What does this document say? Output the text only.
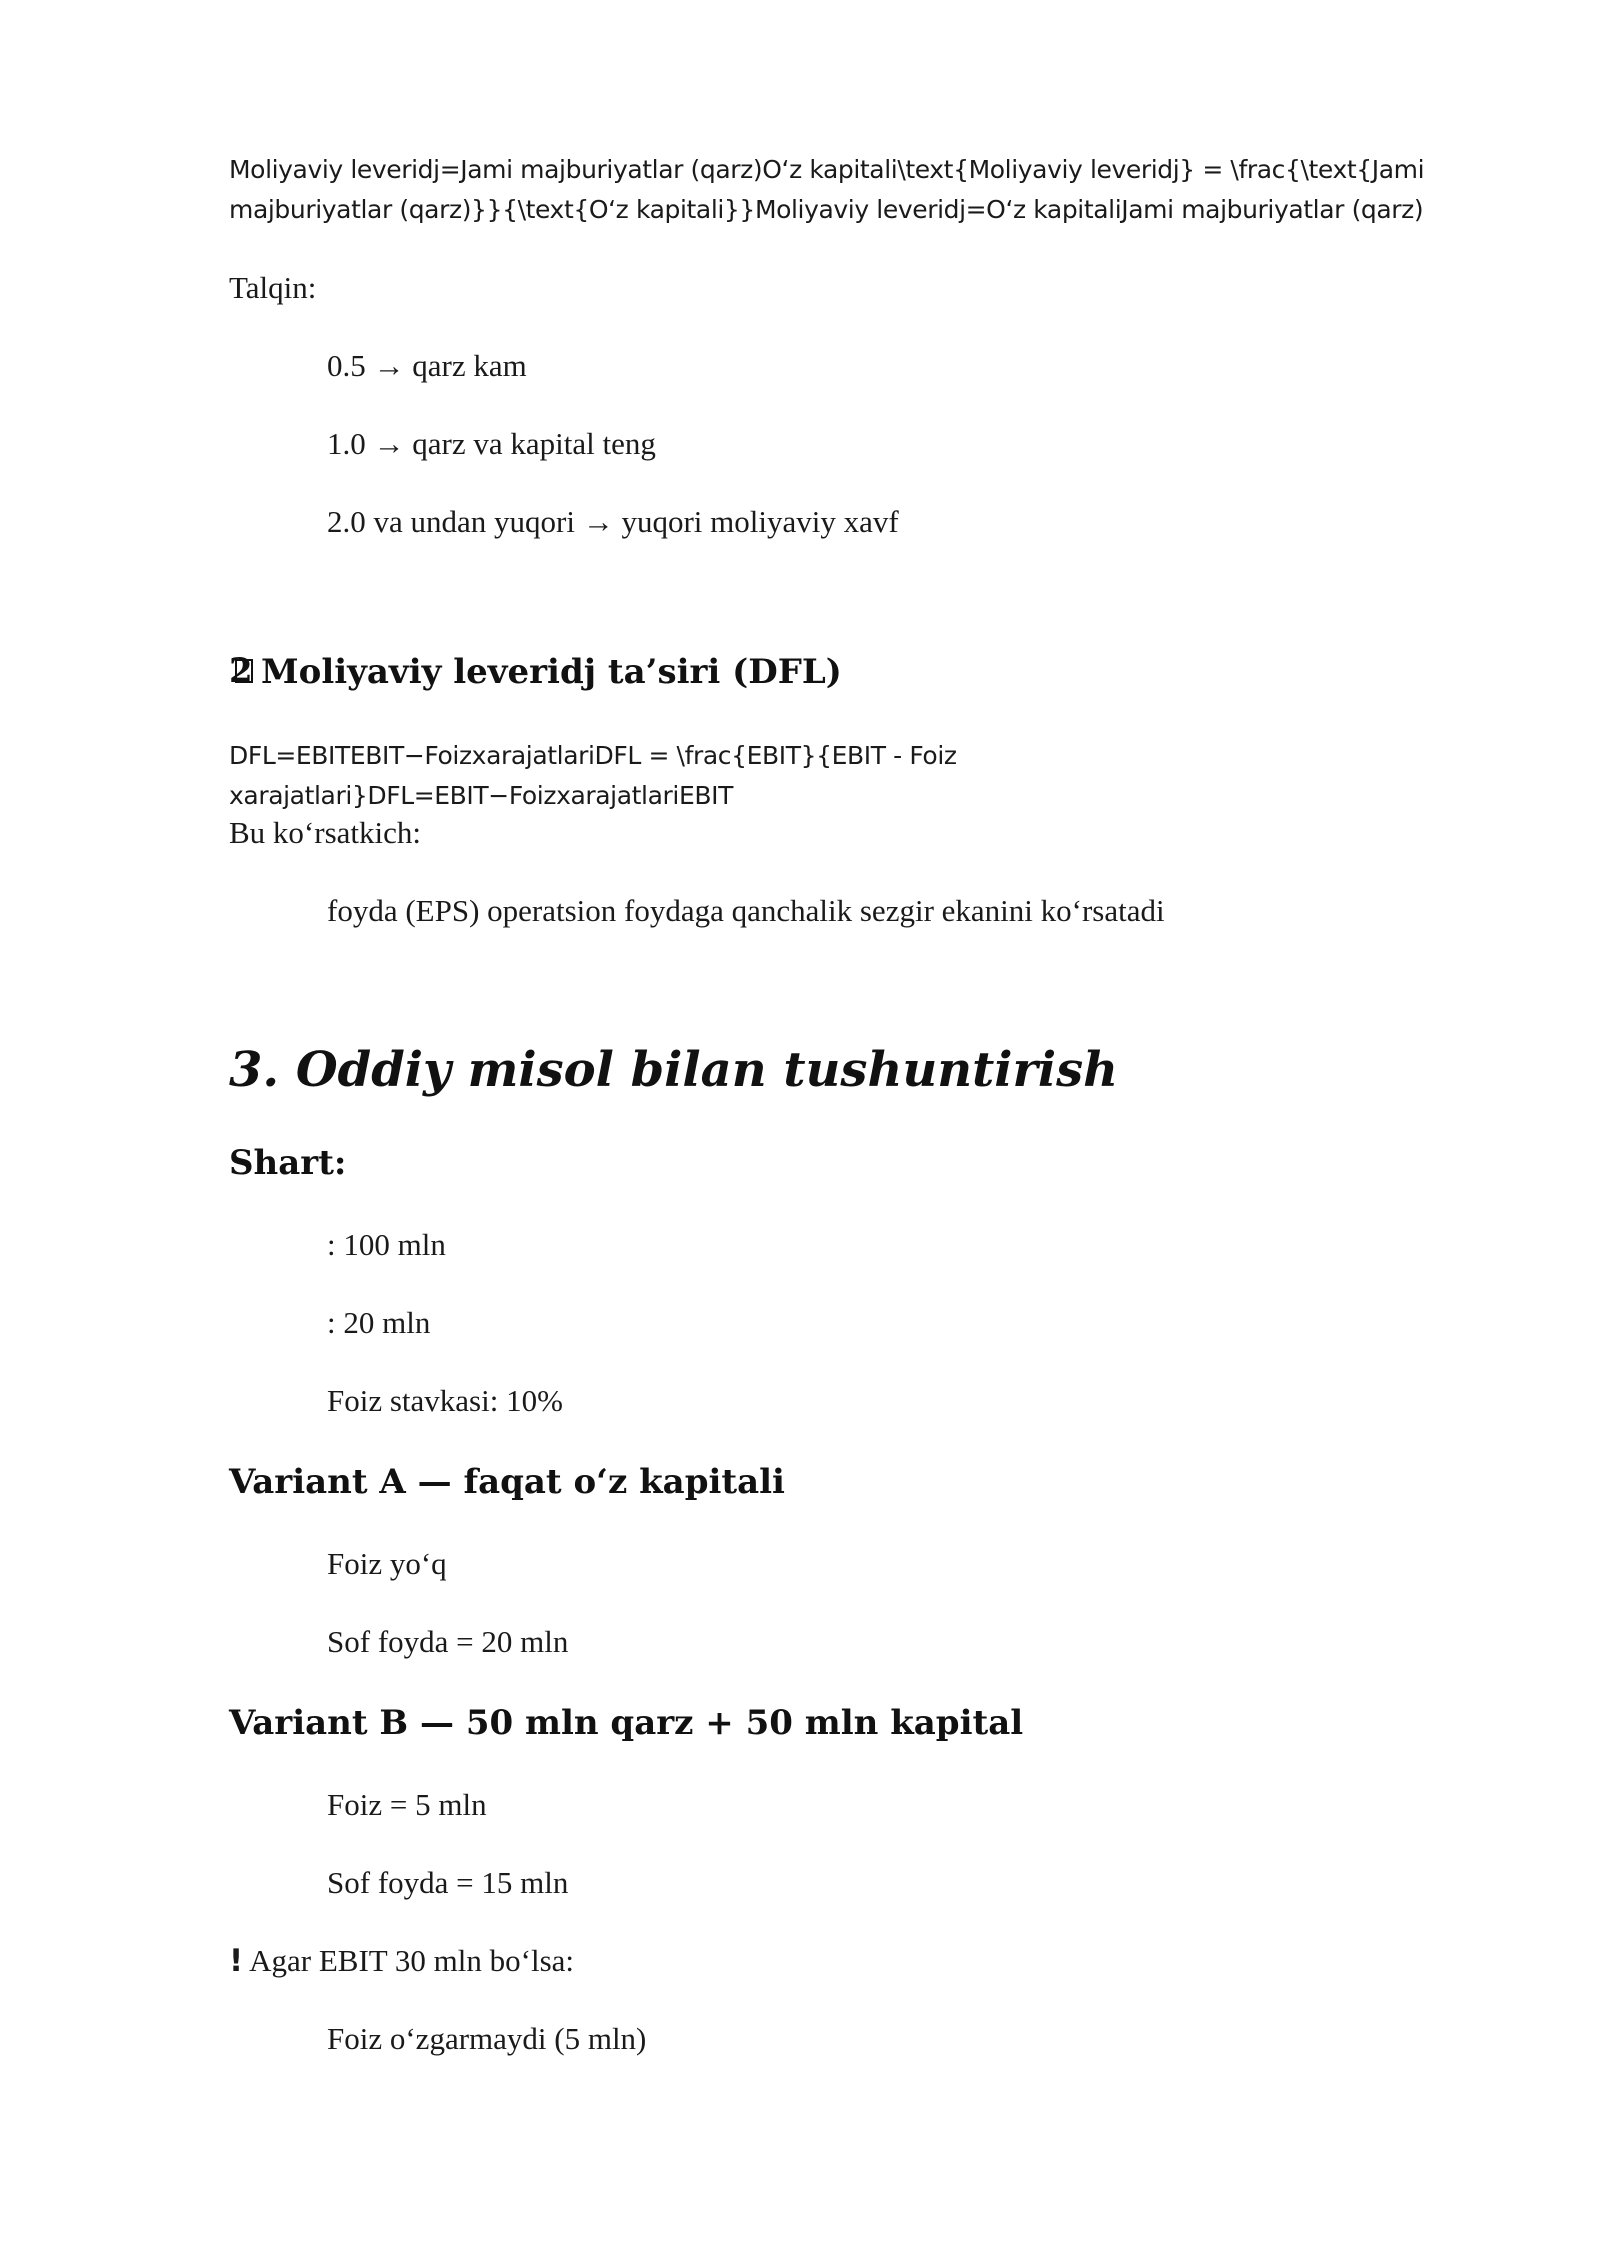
Moliyaviy leveridj=Jami majburiyatlar (qarz)O‘z kapitali\text{Moliyaviy leveridj} = \frac{\text{Jami majburiyatlar (qarz)}}{\text{O‘z kapitali}}Moliyaviy leveridj=O‘z kapitaliJami majburiyatlar (qarz)
Talqin:
0.5 → qarz kam
1.0 → qarz va kapital teng
2.0 va undan yuqori → yuqori moliyaviy xavf
2 Moliyaviy leveridj ta’siri (DFL)
DFL=EBITEBIT−FoizxarajatlariDFL = \frac{EBIT}{EBIT - Foiz xarajatlari}DFL=EBIT−FoizxarajatlariEBIT
Bu ko‘rsatkich:
foyda (EPS) operatsion foydaga qanchalik sezgir ekanini ko‘rsatadi
3. Oddiy misol bilan tushuntirish
Shart:
: 100 mln
: 20 mln
Foiz stavkasi: 10%
Variant A — faqat o‘z kapitali
Foiz yo‘q
Sof foyda = 20 mln
Variant B — 50 mln qarz + 50 mln kapital
Foiz = 5 mln
Sof foyda = 15 mln
! Agar EBIT 30 mln bo‘lsa:
Foiz o‘zgarmaydi (5 mln)
